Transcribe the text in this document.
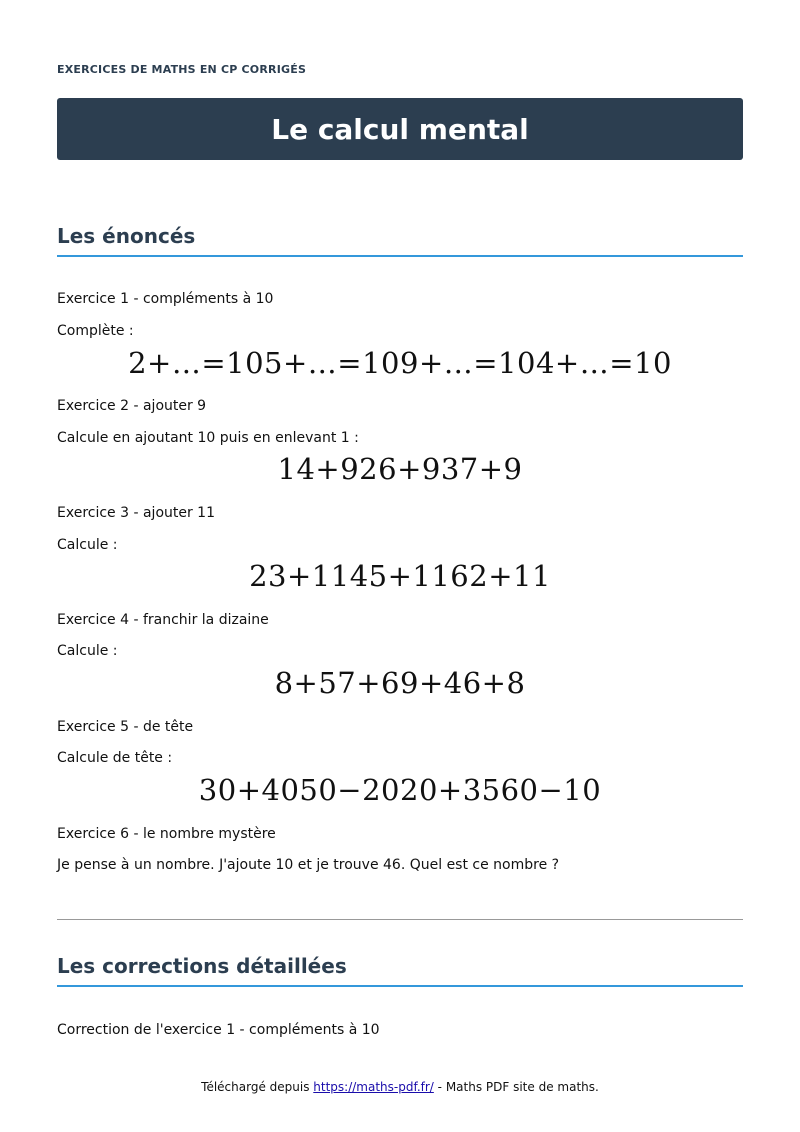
EXERCICES DE MATHS EN CP CORRIGÉS
Le calcul mental
Les énoncés
Exercice 1 - compléments à 10
Complète :
2+…=105+…=109+…=104+…=10
Exercice 2 - ajouter 9
Calcule en ajoutant 10 puis en enlevant 1 :
14+926+937+9
Exercice 3 - ajouter 11
Calcule :
23+1145+1162+11
Exercice 4 - franchir la dizaine
Calcule :
8+57+69+46+8
Exercice 5 - de tête
Calcule de tête :
30+4050−2020+3560−10
Exercice 6 - le nombre mystère
Je pense à un nombre. J'ajoute 10 et je trouve 46. Quel est ce nombre ?
Les corrections détaillées
Correction de l'exercice 1 - compléments à 10
Téléchargé depuis https://maths-pdf.fr/ - Maths PDF site de maths.
